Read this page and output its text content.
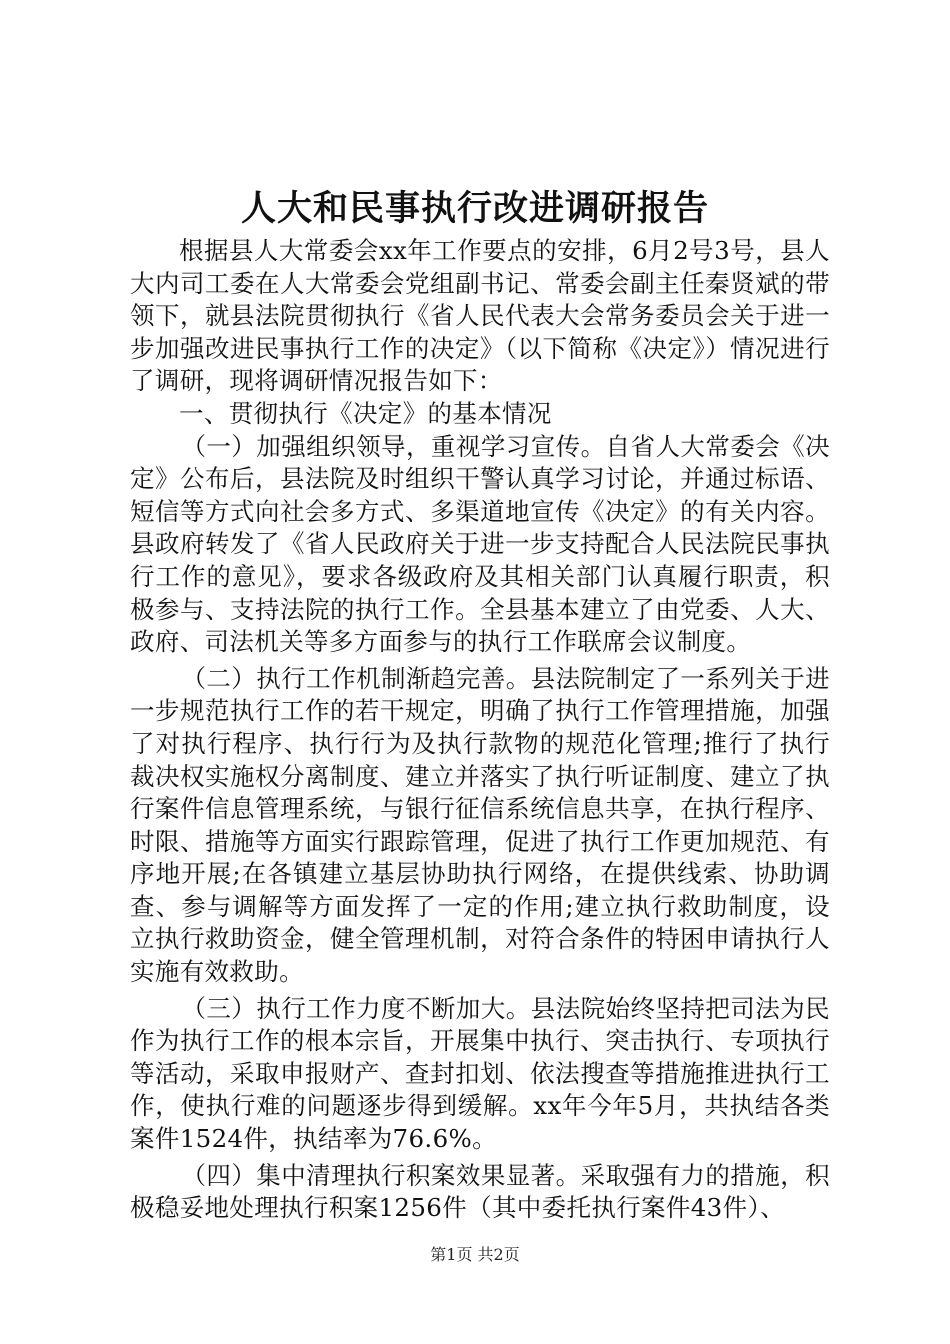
人大和民事执行改进调研报告

根据县人大常委会xx年工作要点的安排，6月2号3号，县人大内司工委在人大常委会党组副书记、常委会副主任秦贤斌的带领下，就县法院贯彻执行《省人民代表大会常务委员会关于进一步加强改进民事执行工作的决定》（以下简称《决定》）情况进行了调研，现将调研情况报告如下：

一、贯彻执行《决定》的基本情况

（一）加强组织领导，重视学习宣传。自省人大常委会《决定》公布后，县法院及时组织干警认真学习讨论，并通过标语、短信等方式向社会多方式、多渠道地宣传《决定》的有关内容。县政府转发了《省人民政府关于进一步支持配合人民法院民事执行工作的意见》，要求各级政府及其相关部门认真履行职责，积极参与、支持法院的执行工作。全县基本建立了由党委、人大、政府、司法机关等多方面参与的执行工作联席会议制度。

（二）执行工作机制渐趋完善。县法院制定了一系列关于进一步规范执行工作的若干规定，明确了执行工作管理措施，加强了对执行程序、执行行为及执行款物的规范化管理;推行了执行裁决权实施权分离制度、建立并落实了执行听证制度、建立了执行案件信息管理系统，与银行征信系统信息共享，在执行程序、时限、措施等方面实行跟踪管理，促进了执行工作更加规范、有序地开展;在各镇建立基层协助执行网络，在提供线索、协助调查、参与调解等方面发挥了一定的作用;建立执行救助制度，设立执行救助资金，健全管理机制，对符合条件的特困申请执行人实施有效救助。

（三）执行工作力度不断加大。县法院始终坚持把司法为民作为执行工作的根本宗旨，开展集中执行、突击执行、专项执行等活动，采取申报财产、查封扣划、依法搜查等措施推进执行工作，使执行难的问题逐步得到缓解。xx年今年5月，共执结各类案件1524件，执结率为76.6%。

（四）集中清理执行积案效果显著。采取强有力的措施，积极稳妥地处理执行积案1256件（其中委托执行案件43件）、

第1页 共2页
